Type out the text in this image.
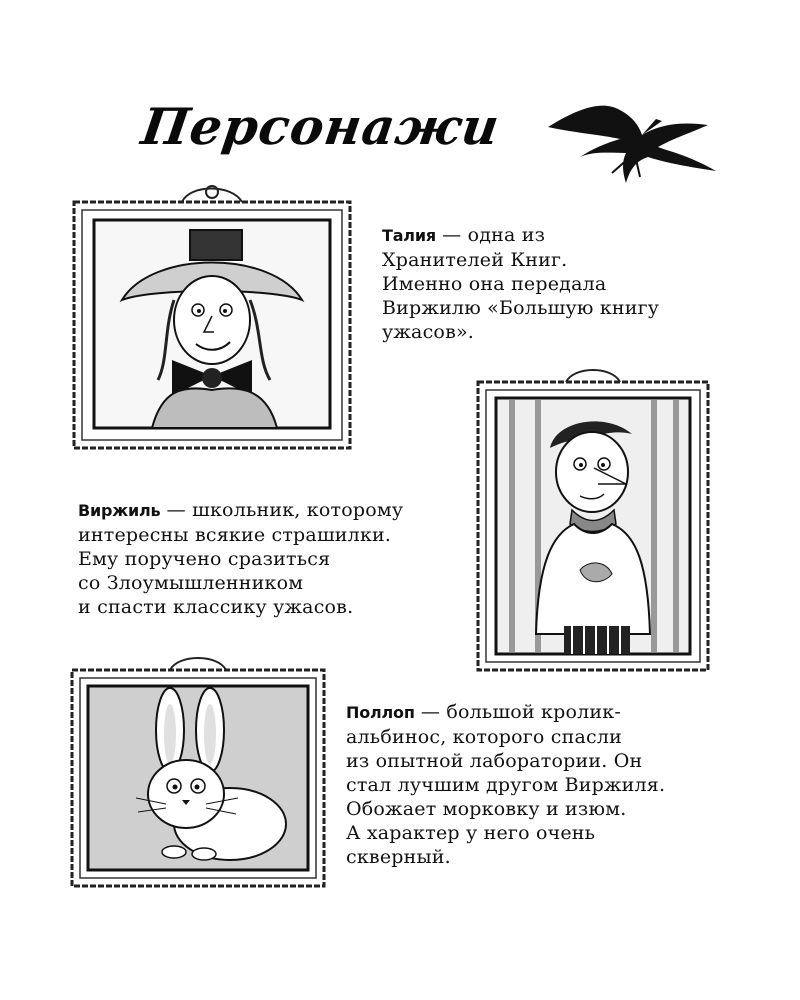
Персонажи
Талия — одна из
Хранителей Книг.
Именно она передала
Виржилю «Большую книгу
ужасов».
Виржиль — школьник, которому
интересны всякие страшилки.
Ему поручено сразиться
со Злоумышленником
и спасти классику ужасов.
Поллоп — большой кролик-
альбинос, которого спасли
из опытной лаборатории. Он
стал лучшим другом Виржиля.
Обожает морковку и изюм.
А характер у него очень
скверный.
